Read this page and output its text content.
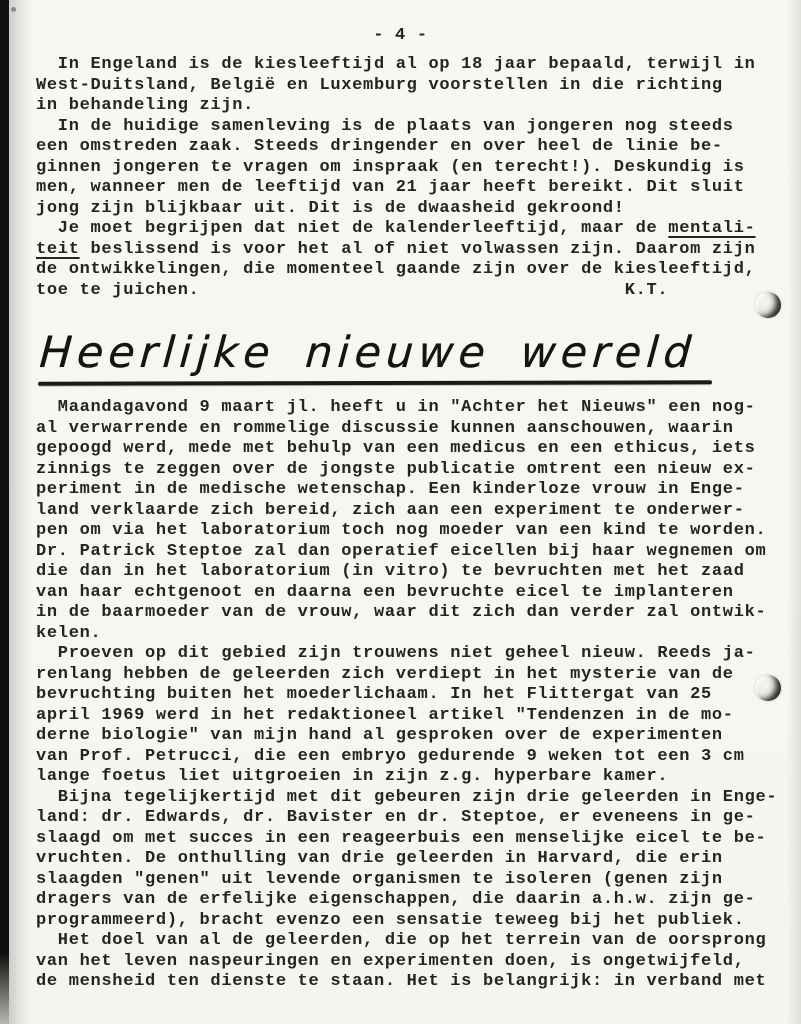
- 4 -
In Engeland is de kiesleeftijd al op 18 jaar bepaald, terwijl in
West-Duitsland, België en Luxemburg voorstellen in die richting
in behandeling zijn.
In de huidige samenleving is de plaats van jongeren nog steeds
een omstreden zaak. Steeds dringender en over heel de linie be-
ginnen jongeren te vragen om inspraak (en terecht!). Deskundig is
men, wanneer men de leeftijd van 21 jaar heeft bereikt. Dit sluit
jong zijn blijkbaar uit. Dit is de dwaasheid gekroond!
Je moet begrijpen dat niet de kalenderleeftijd, maar de mentali-
teit beslissend is voor het al of niet volwassen zijn. Daarom zijn
de ontwikkelingen, die momenteel gaande zijn over de kiesleeftijd,
toe te juichen.                                       K.T.
Heerlijke nieuwe wereld
Maandagavond 9 maart jl. heeft u in "Achter het Nieuws" een nog-
al verwarrende en rommelige discussie kunnen aanschouwen, waarin
gepoogd werd, mede met behulp van een medicus en een ethicus, iets
zinnigs te zeggen over de jongste publicatie omtrent een nieuw ex-
periment in de medische wetenschap. Een kinderloze vrouw in Enge-
land verklaarde zich bereid, zich aan een experiment te onderwer-
pen om via het laboratorium toch nog moeder van een kind te worden.
Dr. Patrick Steptoe zal dan operatief eicellen bij haar wegnemen om
die dan in het laboratorium (in vitro) te bevruchten met het zaad
van haar echtgenoot en daarna een bevruchte eicel te implanteren
in de baarmoeder van de vrouw, waar dit zich dan verder zal ontwik-
kelen.
Proeven op dit gebied zijn trouwens niet geheel nieuw. Reeds ja-
renlang hebben de geleerden zich verdiept in het mysterie van de
bevruchting buiten het moederlichaam. In het Flittergat van 25
april 1969 werd in het redaktioneel artikel "Tendenzen in de mo-
derne biologie" van mijn hand al gesproken over de experimenten
van Prof. Petrucci, die een embryo gedurende 9 weken tot een 3 cm
lange foetus liet uitgroeien in zijn z.g. hyperbare kamer.
Bijna tegelijkertijd met dit gebeuren zijn drie geleerden in Enge-
land: dr. Edwards, dr. Bavister en dr. Steptoe, er eveneens in ge-
slaagd om met succes in een reageerbuis een menselijke eicel te be-
vruchten. De onthulling van drie geleerden in Harvard, die erin
slaagden "genen" uit levende organismen te isoleren (genen zijn
dragers van de erfelijke eigenschappen, die daarin a.h.w. zijn ge-
programmeerd), bracht evenzo een sensatie teweeg bij het publiek.
Het doel van al de geleerden, die op het terrein van de oorsprong
van het leven naspeuringen en experimenten doen, is ongetwijfeld,
de mensheid ten dienste te staan. Het is belangrijk: in verband met
